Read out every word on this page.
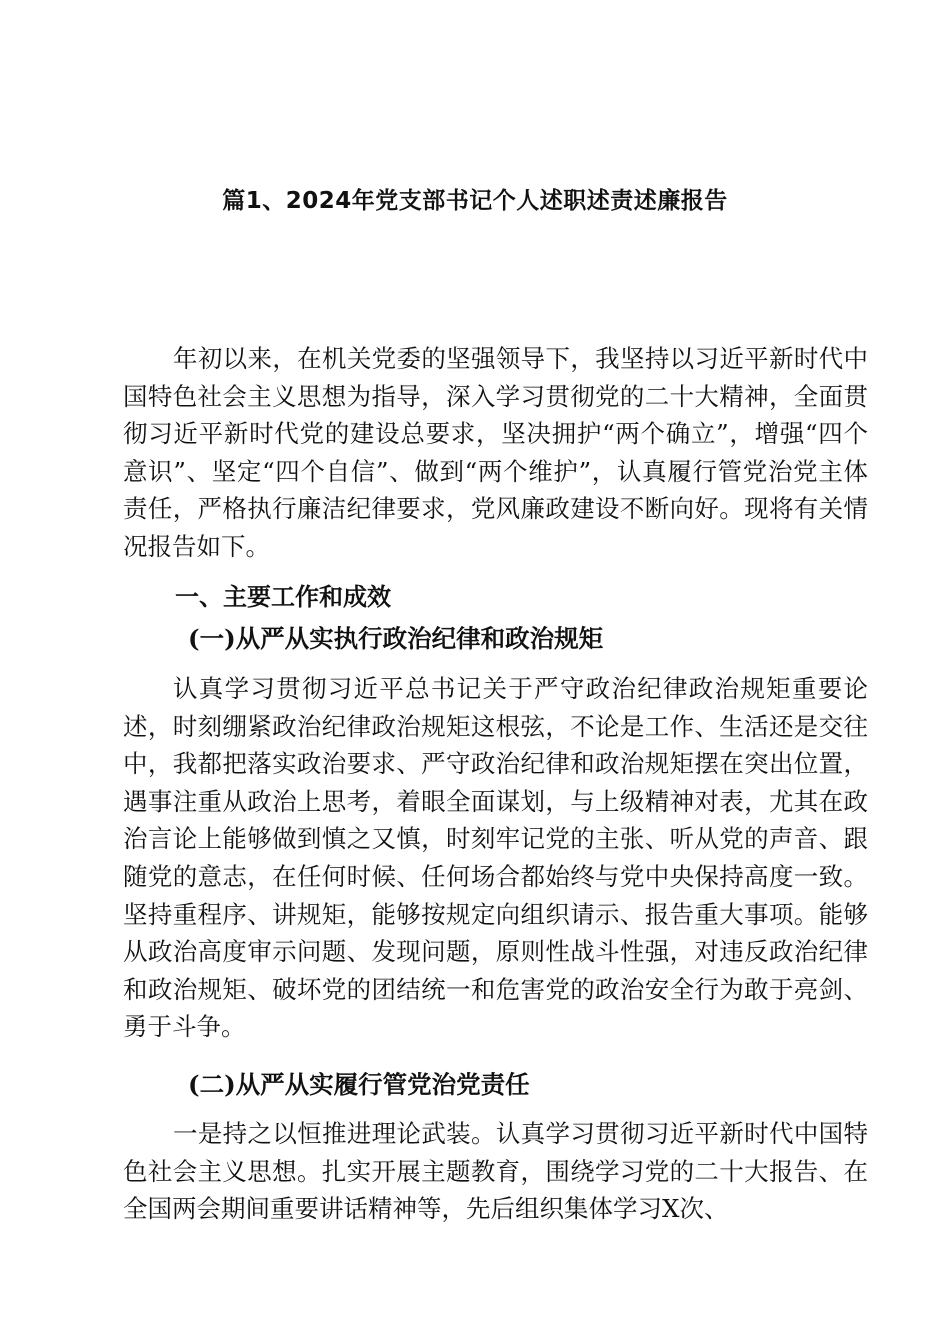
篇1、2024年党支部书记个人述职述责述廉报告

年初以来，在机关党委的坚强领导下，我坚持以习近平新时代中国特色社会主义思想为指导，深入学习贯彻党的二十大精神，全面贯彻习近平新时代党的建设总要求，坚决拥护“两个确立”，增强“四个意识”、坚定“四个自信”、做到“两个维护”，认真履行管党治党主体责任，严格执行廉洁纪律要求，党风廉政建设不断向好。现将有关情况报告如下。

一、主要工作和成效
(一)从严从实执行政治纪律和政治规矩

认真学习贯彻习近平总书记关于严守政治纪律政治规矩重要论述，时刻绷紧政治纪律政治规矩这根弦，不论是工作、生活还是交往中，我都把落实政治要求、严守政治纪律和政治规矩摆在突出位置，遇事注重从政治上思考，着眼全面谋划，与上级精神对表，尤其在政治言论上能够做到慎之又慎，时刻牢记党的主张、听从党的声音、跟随党的意志，在任何时候、任何场合都始终与党中央保持高度一致。坚持重程序、讲规矩，能够按规定向组织请示、报告重大事项。能够从政治高度审示问题、发现问题，原则性战斗性强，对违反政治纪律和政治规矩、破坏党的团结统一和危害党的政治安全行为敢于亮剑、勇于斗争。

(二)从严从实履行管党治党责任

一是持之以恒推进理论武装。认真学习贯彻习近平新时代中国特色社会主义思想。扎实开展主题教育，围绕学习党的二十大报告、在全国两会期间重要讲话精神等，先后组织集体学习X次、
